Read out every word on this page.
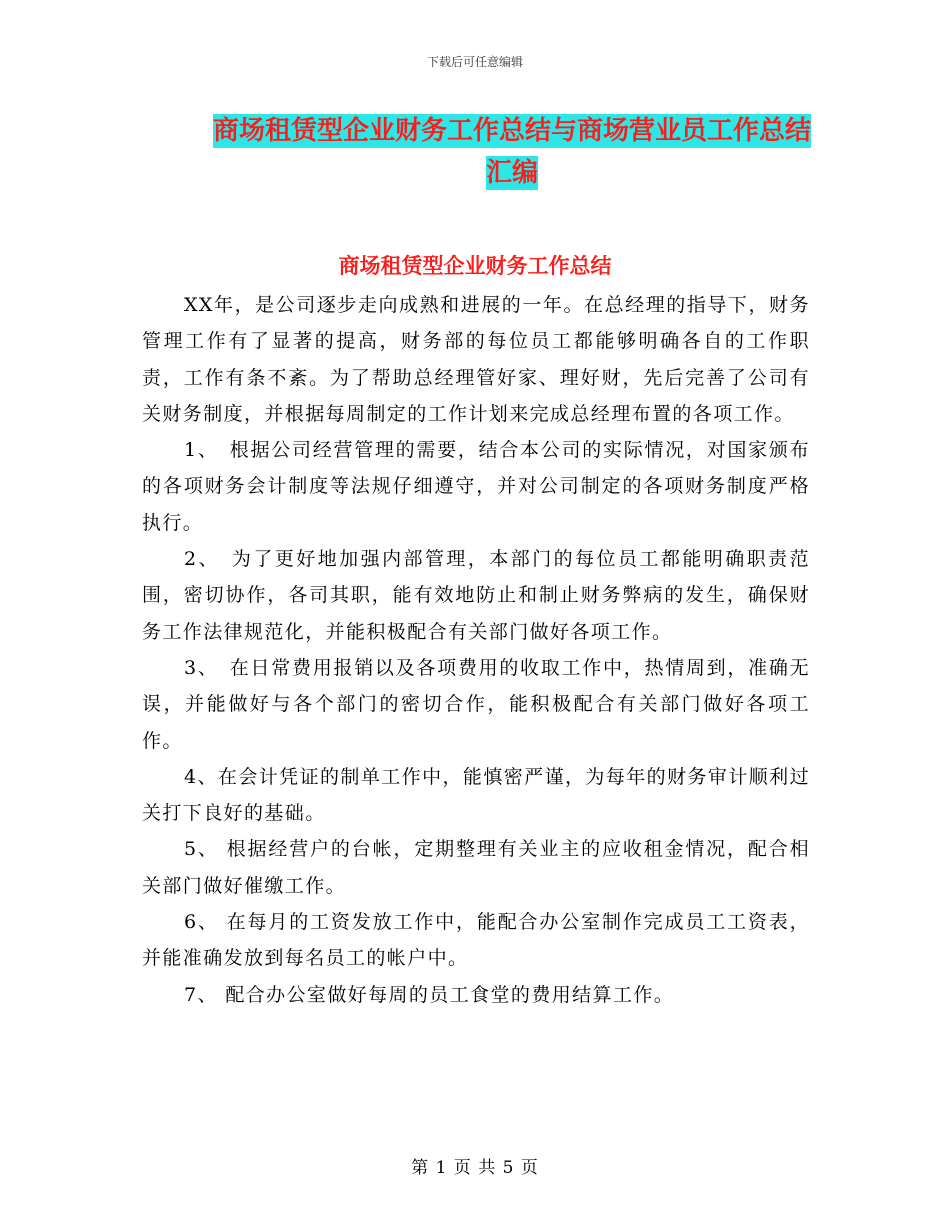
下载后可任意编辑
商场租赁型企业财务工作总结与商场营业员工作总结
汇编
商场租赁型企业财务工作总结

XX年，是公司逐步走向成熟和进展的一年。在总经理的指导下，财务管理工作有了显著的提高，财务部的每位员工都能够明确各自的工作职责，工作有条不紊。为了帮助总经理管好家、理好财，先后完善了公司有关财务制度，并根据每周制定的工作计划来完成总经理布置的各项工作。

1、　根据公司经营管理的需要，结合本公司的实际情况，对国家颁布的各项财务会计制度等法规仔细遵守，并对公司制定的各项财务制度严格执行。

2、　为了更好地加强内部管理，本部门的每位员工都能明确职责范围，密切协作，各司其职，能有效地防止和制止财务弊病的发生，确保财务工作法律规范化，并能积极配合有关部门做好各项工作。

3、　在日常费用报销以及各项费用的收取工作中，热情周到，准确无误，并能做好与各个部门的密切合作，能积极配合有关部门做好各项工作。

4、在会计凭证的制单工作中，能慎密严谨，为每年的财务审计顺利过关打下良好的基础。

5、 根据经营户的台帐，定期整理有关业主的应收租金情况，配合相关部门做好催缴工作。

6、 在每月的工资发放工作中，能配合办公室制作完成员工工资表，并能准确发放到每名员工的帐户中。

7、 配合办公室做好每周的员工食堂的费用结算工作。

第 1 页 共 5 页
